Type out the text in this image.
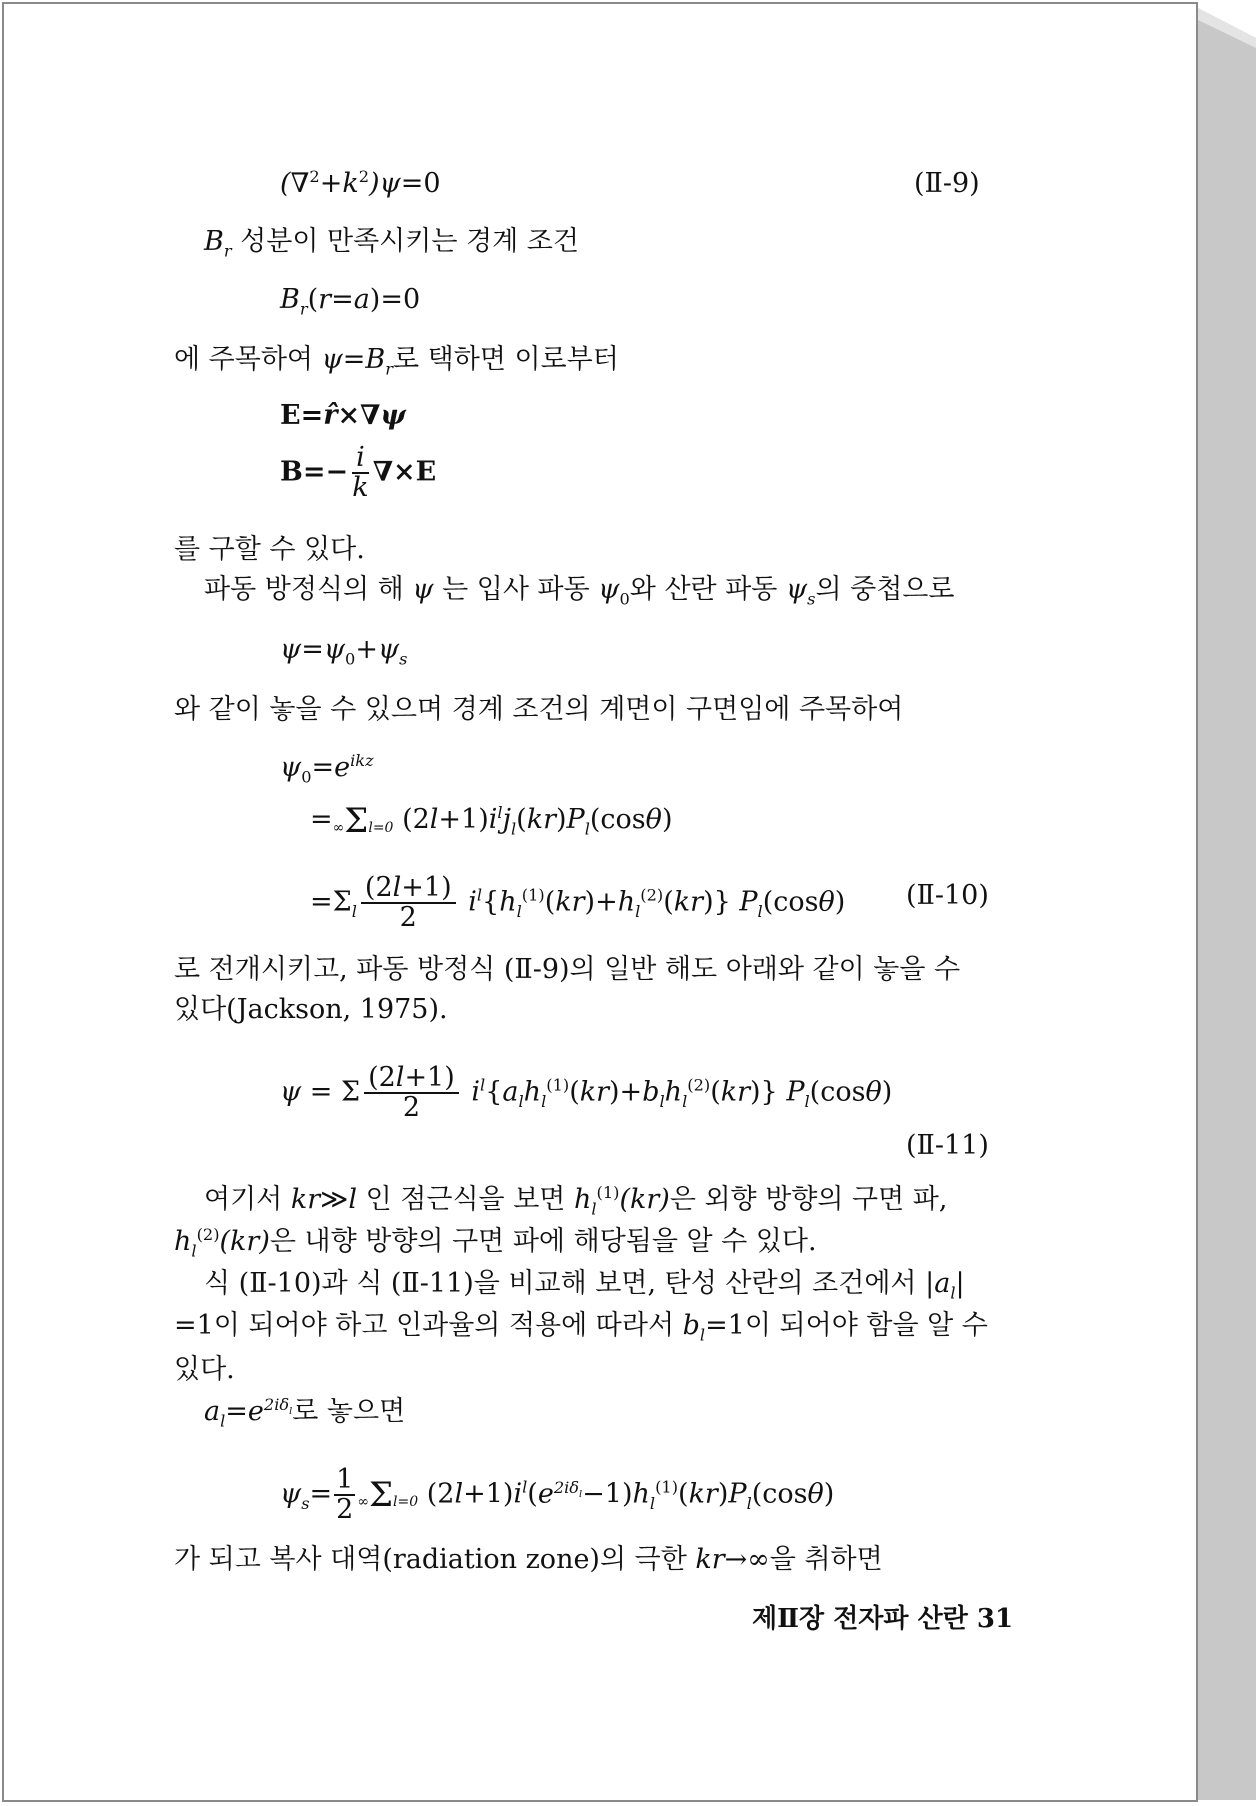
$(\nabla^2+k^2)\psi=0$	(Ⅱ-9)
$B_r$ 성분이 만족시키는 경계 조건
$B_r(r=a)=0$
에 주목하여 $\psi=B_r$로 택하면 이로부터
E=r̂×∇ψ
$B=- \frac{i}{k} \nabla\times E$
를 구할 수 있다.
파동 방정식의 해 ψ 는 입사 파동 $\psi_0$와 산란 파동 $\psi_s$의 중첩으로
$\psi=\psi_0+\psi_s$
와 같이 놓을 수 있으며 경계 조건의 계면이 구면임에 주목하여
$\psi_0=e^{ikz}$
=∞Σl=0 $(2l+1)i^lj_l(kr)P_l(\cos\theta)$
$=\Sigma_l \frac{(2l+1)}{2} i^l\{h_l^{(1)}(kr)+h_l^{(2)}(kr)\}$ $P_l(\cos\theta)$ (Ⅱ-10)
로 전개시키고, 파동 방정식 (Ⅱ-9)의 일반 해도 아래와 같이 놓을 수
있다(Jackson, 1975).
ψ = Σ $\frac{(2l+1)}{2} i^l\{a_lh_l^{(1)}(kr)+b_lh_l^{(2)}(kr)\}$ $P_l(\cos\theta)$
(Ⅱ-11)
여기서 kr≫l 인 점근식을 보면 $h_l^{(1)}(kr)$은 외향 방향의 구면 파,
$h_l^{(2)}(kr)$은 내향 방향의 구면 파에 해당됨을 알 수 있다.
식 (Ⅱ-10)과 식 (Ⅱ-11)을 비교해 보면, 탄성 산란의 조건에서 $|a_l|$
=1이 되어야 하고 인과율의 적용에 따라서 $b_l=1$이 되어야 함을 알 수
있다.
$a_l=e^{2i\delta_l}$로 놓으면
$\psi_s= \frac{1}{2} \infty\Sigma l=0$ $(2l+1)i^l(e^{2i\delta_l}-1)h_l^{(1)}(kr)P_l(\cos\theta)$
가 되고 복사 대역(radiation zone)의 극한 kr→∞을 취하면
제Ⅱ장 전자파 산란 31
